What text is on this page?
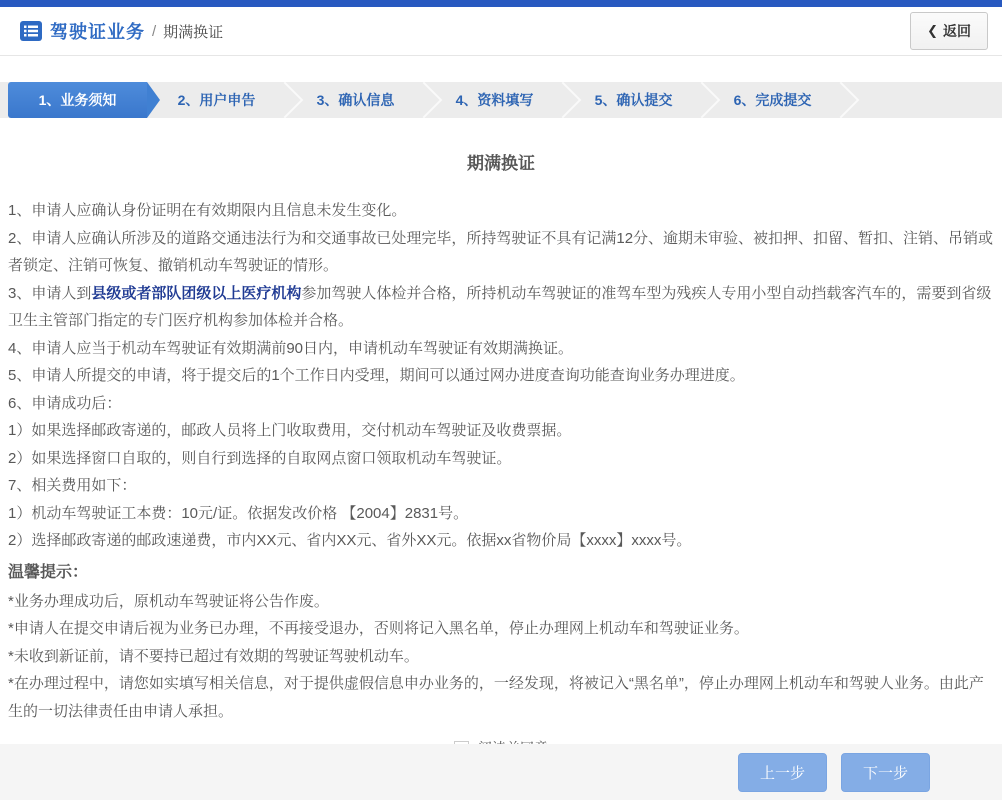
驾驶证业务 / 期满换证	❮ 返回
1、业务须知	2、用户申告	3、确认信息	4、资料填写	5、确认提交	6、完成提交
期满换证

1、申请人应确认身份证明在有效期限内且信息未发生变化。

2、申请人应确认所涉及的道路交通违法行为和交通事故已处理完毕，所持驾驶证不具有记满12分、逾期未审验、被扣押、扣留、暂扣、注销、吊销或者锁定、注销可恢复、撤销机动车驾驶证的情形。

3、申请人到县级或者部队团级以上医疗机构参加驾驶人体检并合格，所持机动车驾驶证的准驾车型为残疾人专用小型自动挡载客汽车的，需要到省级卫生主管部门指定的专门医疗机构参加体检并合格。

4、申请人应当于机动车驾驶证有效期满前90日内，申请机动车驾驶证有效期满换证。

5、申请人所提交的申请，将于提交后的1个工作日内受理，期间可以通过网办进度查询功能查询业务办理进度。

6、申请成功后：

1）如果选择邮政寄递的，邮政人员将上门收取费用，交付机动车驾驶证及收费票据。

2）如果选择窗口自取的，则自行到选择的自取网点窗口领取机动车驾驶证。

7、相关费用如下：

1）机动车驾驶证工本费：10元/证。依据发改价格 【2004】2831号。

2）选择邮政寄递的邮政速递费，市内XX元、省内XX元、省外XX元。依据xx省物价局【xxxx】xxxx号。

温馨提示：

*业务办理成功后，原机动车驾驶证将公告作废。

*申请人在提交申请后视为业务已办理，不再接受退办，否则将记入黑名单，停止办理网上机动车和驾驶证业务。

*未收到新证前，请不要持已超过有效期的驾驶证驾驶机动车。

*在办理过程中，请您如实填写相关信息，对于提供虚假信息申办业务的，一经发现，将被记入“黑名单”，停止办理网上机动车和驾驶人业务。由此产生的一切法律责任由申请人承担。

上一步	下一步
